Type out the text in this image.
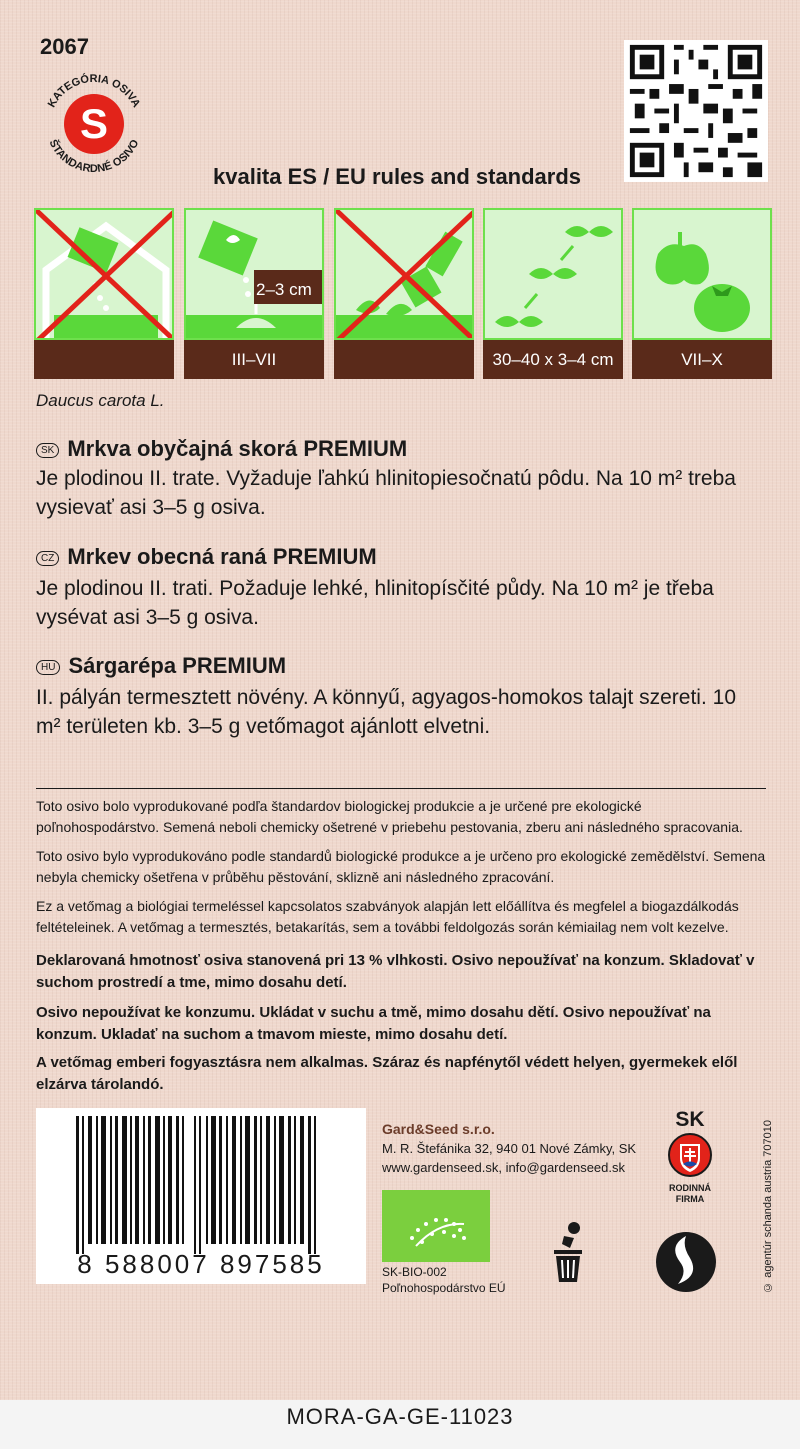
2067
S
KATEGÓRIA OSIVA
ŠTANDARDNÉ OSIVO
kvalita ES / EU rules and standards
2–3 cm
III–VII	30–40 x 3–4 cm	VII–X
Daucus carota L.
SK Mrkva obyčajná skorá PREMIUM
Je plodinou II. trate. Vyžaduje ľahkú hlinitopiesočnatú pôdu. Na 10 m² treba vysievať asi 3–5 g osiva.
CZ Mrkev obecná raná PREMIUM
Je plodinou II. trati. Požaduje lehké, hlinitopísčité půdy. Na 10 m² je třeba vysévat asi 3–5 g osiva.
HU Sárgarépa PREMIUM
II. pályán termesztett növény. A könnyű, agyagos-homokos talajt szereti. 10 m² területen kb. 3–5 g vetőmagot ajánlott elvetni.
Toto osivo bolo vyprodukované podľa štandardov biologickej produkcie a je určené pre ekologické poľnohospodárstvo. Semená neboli chemicky ošetrené v priebehu pestovania, zberu ani následného spracovania.
Toto osivo bylo vyprodukováno podle standardů biologické produkce a je určeno pro ekologické zemědělství. Semena nebyla chemicky ošetřena v průběhu pěstování, sklizně ani následného zpracování.
Ez a vetőmag a biológiai termeléssel kapcsolatos szabványok alapján lett előállítva és megfelel a biogazdálkodás feltételeinek. A vetőmag a termesztés, betakarítás, sem a további feldolgozás során kémiailag nem volt kezelve.
Deklarovaná hmotnosť osiva stanovená pri 13 % vlhkosti. Osivo nepoužívať na konzum. Skladovať v suchom prostredí a tme, mimo dosahu detí.
Osivo nepoužívat ke konzumu. Ukládat v suchu a tmě, mimo dosahu dětí. Osivo nepoužívať na konzum. Ukladať na suchom a tmavom mieste, mimo dosahu detí.
A vetőmag emberi fogyasztásra nem alkalmas. Száraz és napfénytől védett helyen, gyermekek elől elzárva tárolandó.
8 588007 897585
Gard&Seed s.r.o.
M. R. Štefánika 32, 940 01 Nové Zámky, SK
www.gardenseed.sk, info@gardenseed.sk
SK-BIO-002
Poľnohospodárstvo EÚ
SK
RODINNÁ FIRMA	© agentúr schanda austria 707010
MORA-GA-GE-11023
